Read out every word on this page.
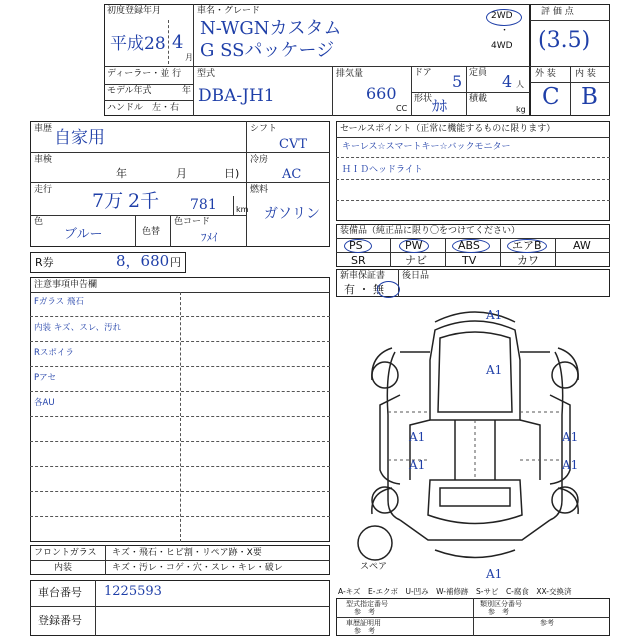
初度登録年月
平成28 4
月
車名・グレード
N-WGNカスタム
G SSパッケージ
2WD
・
4WD
ディーラー・並 行
モデル年式	年
ハンドル　左・右
型式
DBA-JH1
排気量
660
CC
ドア 5 定員 4 人
形状 ｶﾎ 積載
kg
評 価 点
(3.5)
外 装 内 装
C B
車歴 自家用
車検
年	月	日)
走行 7万 2千 781 km
色
ブルー	色替
色コード
ﾌﾒｲ
シフト
CVT
冷房
AC
燃料
ガソリン
R券	8，680 円
セールスポイント（正常に機能するものに限ります）
キーレス☆スマートキー☆バックモニター
ＨＩＤヘッドライト
装備品（純正品に限り〇をつけてください）
PS	PW	ABS	エアB	AW
SR	ナビ	TV	カワ
新車保証書
有 ・ 無
後日品
注意事項申告欄
Fガラス 飛石
内装 キズ、スレ、汚れ
Rスポイラ
Pアセ
各AU
A1
A1
A1	A1
A1	A1
A1
スペア
A-キズ　E-エクボ　U-凹み　W-補修跡　S-サビ　C-腐食　XX-交換済
フロントガラス キズ・飛石・ヒビ割・リペア跡・X要
内装	キズ・汚レ・コゲ・穴・スレ・キレ・破レ
車台番号 1225593
登録番号
型式指定番号
参　考
類別区分番号
参　考
車歴証明用
参　考
参考
